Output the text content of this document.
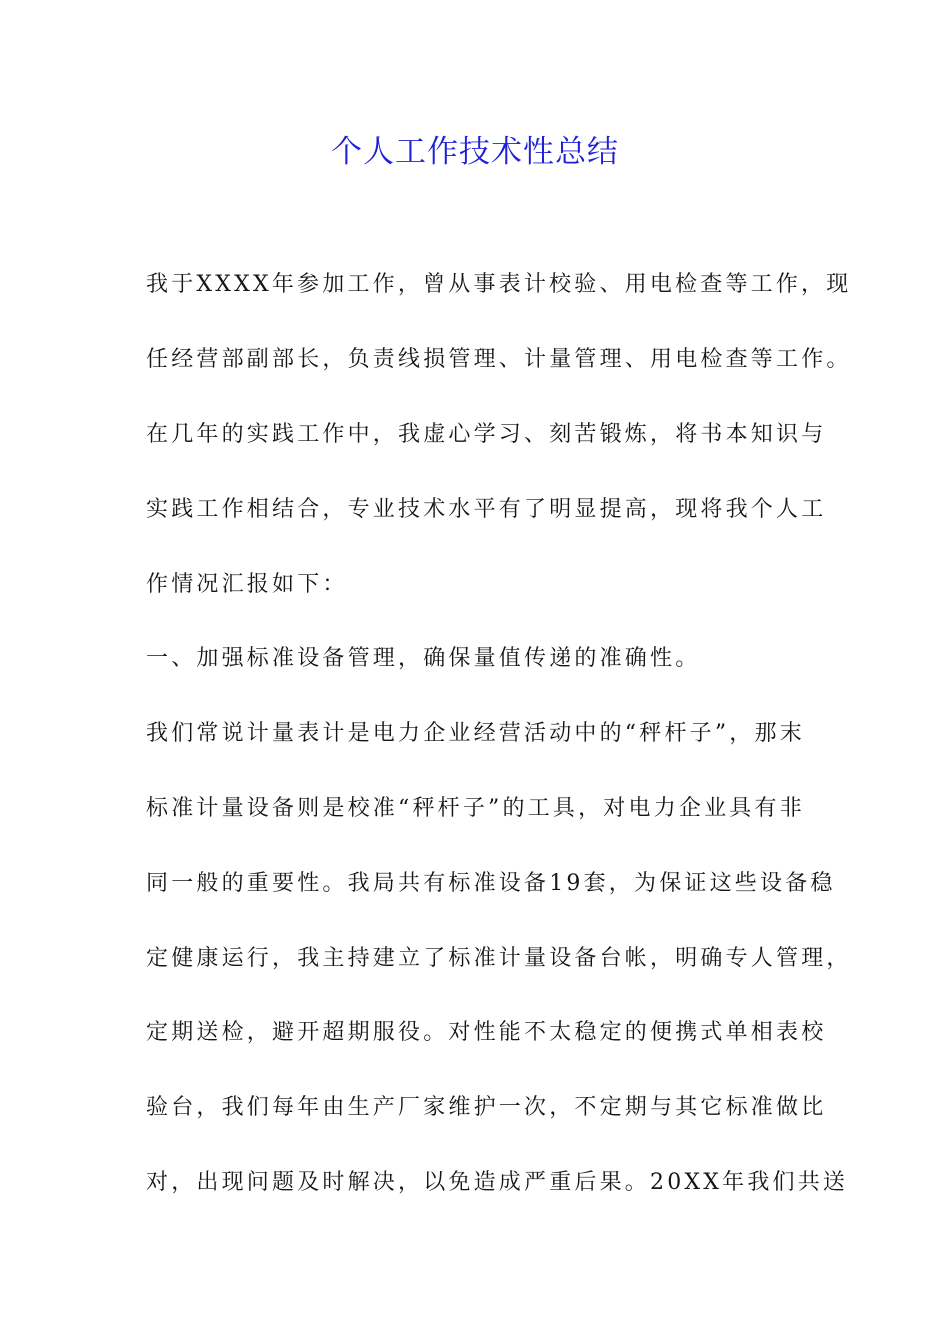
个人工作技术性总结
我于XXXX年参加工作，曾从事表计校验、用电检查等工作，现
任经营部副部长，负责线损管理、计量管理、用电检查等工作。
在几年的实践工作中，我虚心学习、刻苦锻炼，将书本知识与
实践工作相结合，专业技术水平有了明显提高，现将我个人工
作情况汇报如下：
一、加强标准设备管理，确保量值传递的准确性。
我们常说计量表计是电力企业经营活动中的“秤杆子”，那末
标准计量设备则是校准“秤杆子”的工具，对电力企业具有非
同一般的重要性。我局共有标准设备19套，为保证这些设备稳
定健康运行，我主持建立了标准计量设备台帐，明确专人管理，
定期送检，避开超期服役。对性能不太稳定的便携式单相表校
验台，我们每年由生产厂家维护一次，不定期与其它标准做比
对，出现问题及时解决，以免造成严重后果。20XX年我们共送
